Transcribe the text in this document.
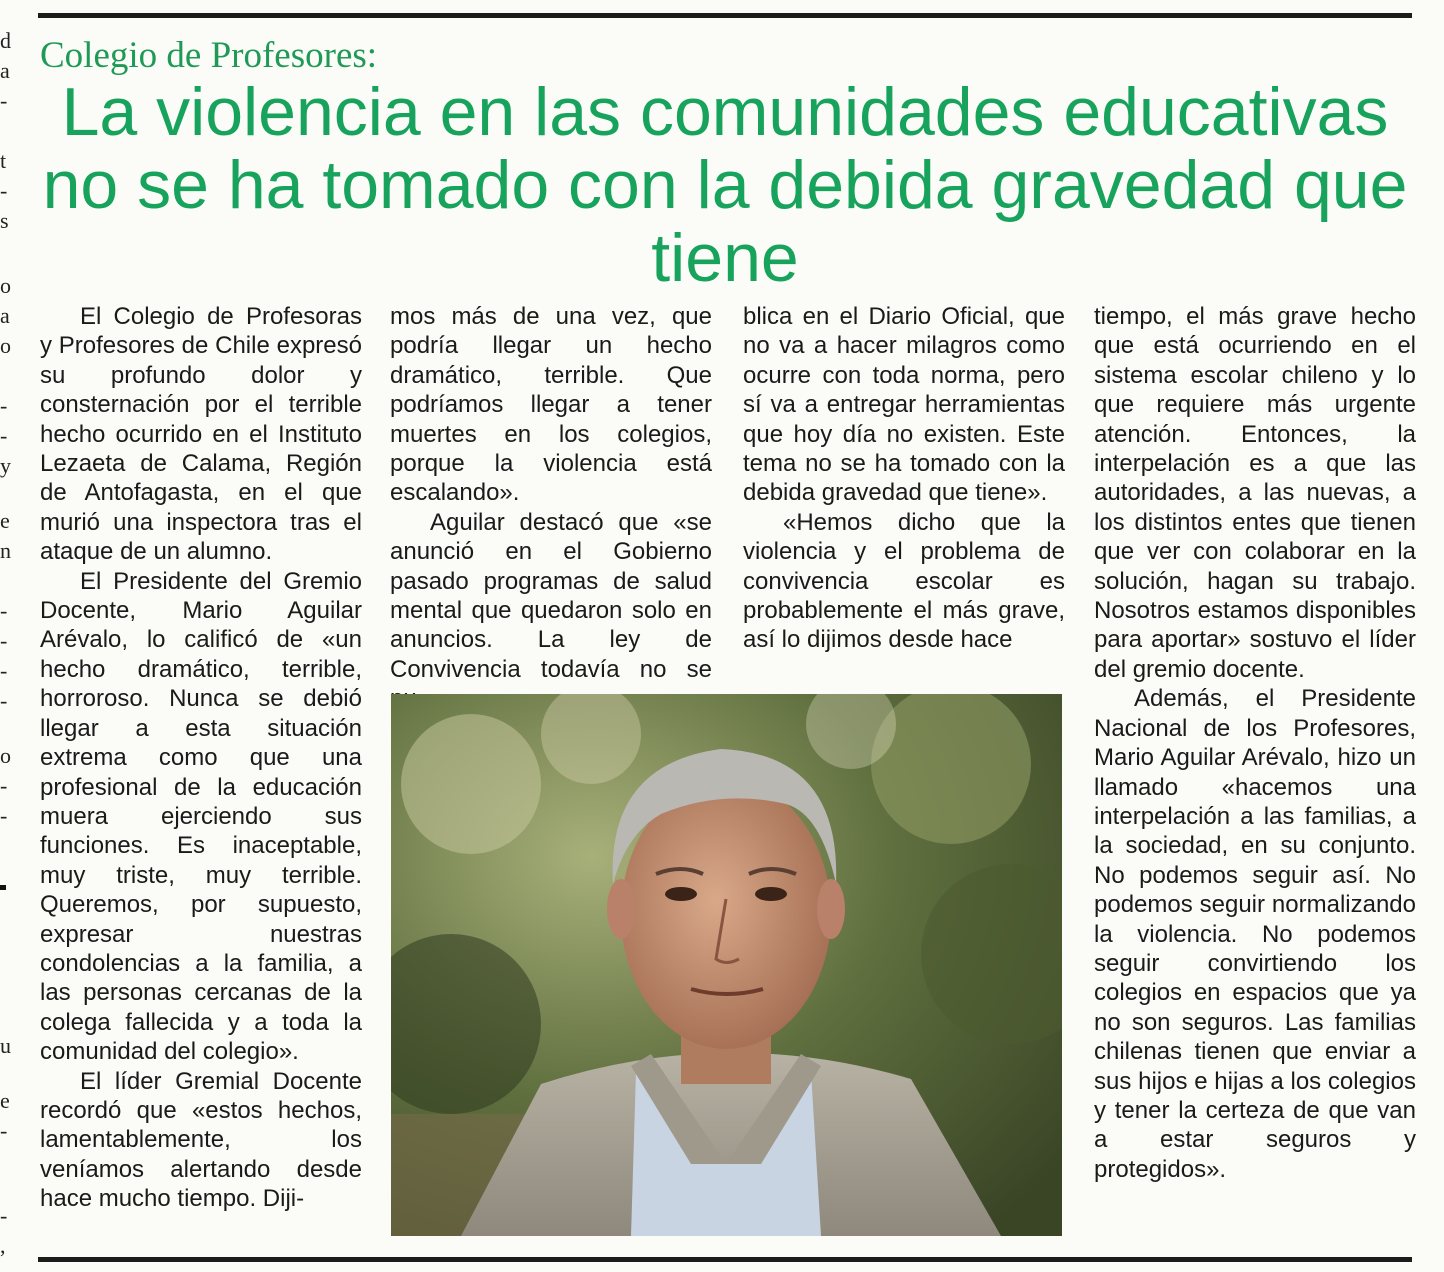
d
a
-
t
-
s
o
a
o
-
-
y
e
n
-
-
-
-
o
-
-
u
e
-
-
,
Colegio de Profesores:
La violencia en las comunidades educativas no se ha tomado con la debida gravedad que tiene

El Colegio de Profesoras y Profesores de Chile expresó su profundo dolor y consternación por el terrible hecho ocurrido en el Instituto Lezaeta de Calama, Región de Antofagasta, en el que murió una inspectora tras el ataque de un alumno.

El Presidente del Gremio Docente, Mario Aguilar Arévalo, lo calificó de «un hecho dramático, terrible, horroroso. Nunca se debió llegar a esta situación extrema como que una profesional de la educación muera ejerciendo sus funciones. Es inaceptable, muy triste, muy terrible. Queremos, por supuesto, expresar nuestras condolencias a la familia, a las personas cercanas de la colega fallecida y a toda la comunidad del colegio».

El líder Gremial Docente recordó que «estos hechos, lamentablemente, los veníamos alertando desde hace mucho tiempo. Diji-

mos más de una vez, que podría llegar un hecho dramático, terrible. Que podríamos llegar a tener muertes en los colegios, porque la violencia está escalando».

Aguilar destacó que «se anunció en el Gobierno pasado programas de salud mental que quedaron solo en anuncios. La ley de Convivencia todavía no se

blica en el Diario Oficial, que no va a hacer milagros como ocurre con toda norma, pero sí va a entregar herramientas que hoy día no existen. Este tema no se ha tomado con la debida gravedad que tiene».

«Hemos dicho que la violencia y el problema de convivencia escolar es probablemente el más grave, así lo dijimos desde hace

tiempo, el más grave hecho que está ocurriendo en el sistema escolar chileno y lo que requiere más urgente atención. Entonces, la interpelación es a que las autoridades, a las nuevas, a los distintos entes que tienen que ver con colaborar en la solución, hagan su trabajo. Nosotros estamos disponibles para aportar» sostuvo el líder del gremio docente.

Además, el Presidente Nacional de los Profesores, Mario Aguilar Arévalo, hizo un llamado «hacemos una interpelación a las familias, a la sociedad, en su conjunto. No podemos seguir así. No podemos seguir normalizando la violencia. No podemos seguir convirtiendo los colegios en espacios que ya no son seguros. Las familias chilenas tienen que enviar a sus hijos e hijas a los colegios y tener la certeza de que van a estar seguros y protegidos».
